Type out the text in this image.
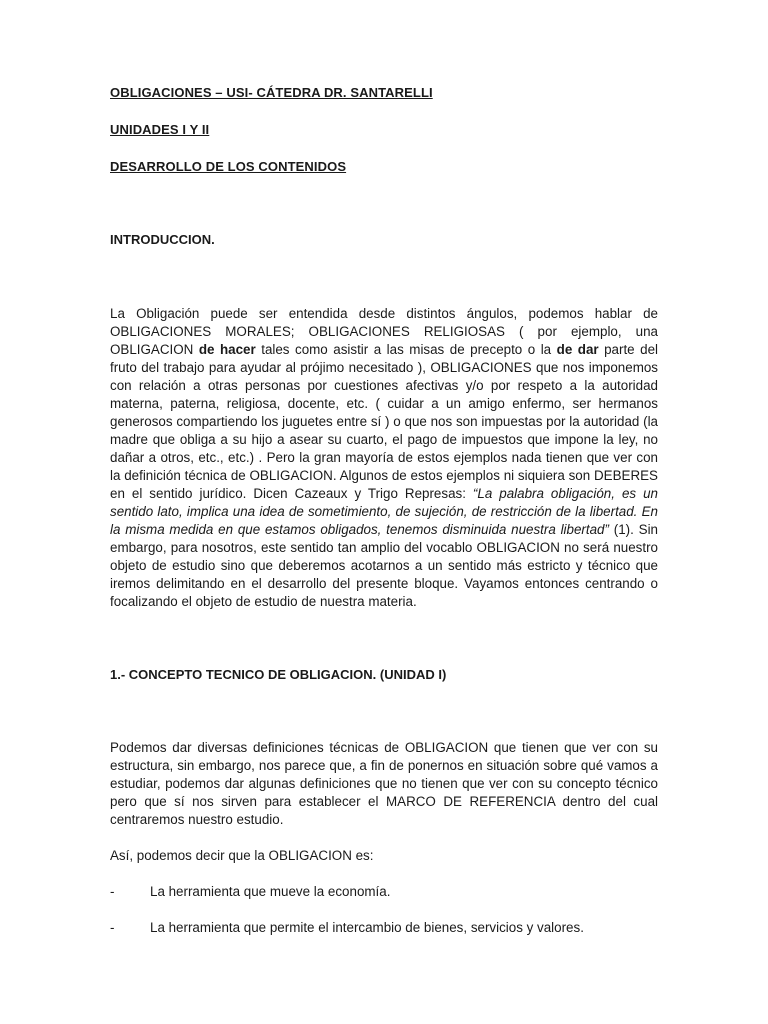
OBLIGACIONES – USI- CÁTEDRA DR. SANTARELLI

UNIDADES I Y II

DESARROLLO DE LOS CONTENIDOS

INTRODUCCION.

La Obligación puede ser entendida desde distintos ángulos, podemos hablar de OBLIGACIONES MORALES; OBLIGACIONES RELIGIOSAS ( por ejemplo, una OBLIGACION de hacer tales como asistir a las misas de precepto o la de dar parte del fruto del trabajo para ayudar al prójimo necesitado ), OBLIGACIONES que nos imponemos con relación a otras personas por cuestiones afectivas y/o por respeto a la autoridad materna, paterna, religiosa, docente, etc. ( cuidar a un amigo enfermo, ser hermanos generosos compartiendo los juguetes entre sí ) o que nos son impuestas por la autoridad (la madre que obliga a su hijo a asear su cuarto, el pago de impuestos que impone la ley, no dañar a otros, etc., etc.) . Pero la gran mayoría de estos ejemplos nada tienen que ver con la definición técnica de OBLIGACION. Algunos de estos ejemplos ni siquiera son DEBERES en el sentido jurídico. Dicen Cazeaux y Trigo Represas: “La palabra obligación, es un sentido lato, implica una idea de sometimiento, de sujeción, de restricción de la libertad. En la misma medida en que estamos obligados, tenemos disminuida nuestra libertad” (1). Sin embargo, para nosotros, este sentido tan amplio del vocablo OBLIGACION no será nuestro objeto de estudio sino que deberemos acotarnos a un sentido más estricto y técnico que iremos delimitando en el desarrollo del presente bloque. Vayamos entonces centrando o focalizando el objeto de estudio de nuestra materia.

1.- CONCEPTO TECNICO DE OBLIGACION. (UNIDAD I)

Podemos dar diversas definiciones técnicas de OBLIGACION que tienen que ver con su estructura, sin embargo, nos parece que, a fin de ponernos en situación sobre qué vamos a estudiar, podemos dar algunas definiciones que no tienen que ver con su concepto técnico pero que sí nos sirven para establecer el MARCO DE REFERENCIA dentro del cual centraremos nuestro estudio.

Así, podemos decir que la OBLIGACION es:

-	La herramienta que mueve la economía.
-	La herramienta que permite el intercambio de bienes, servicios y valores.
